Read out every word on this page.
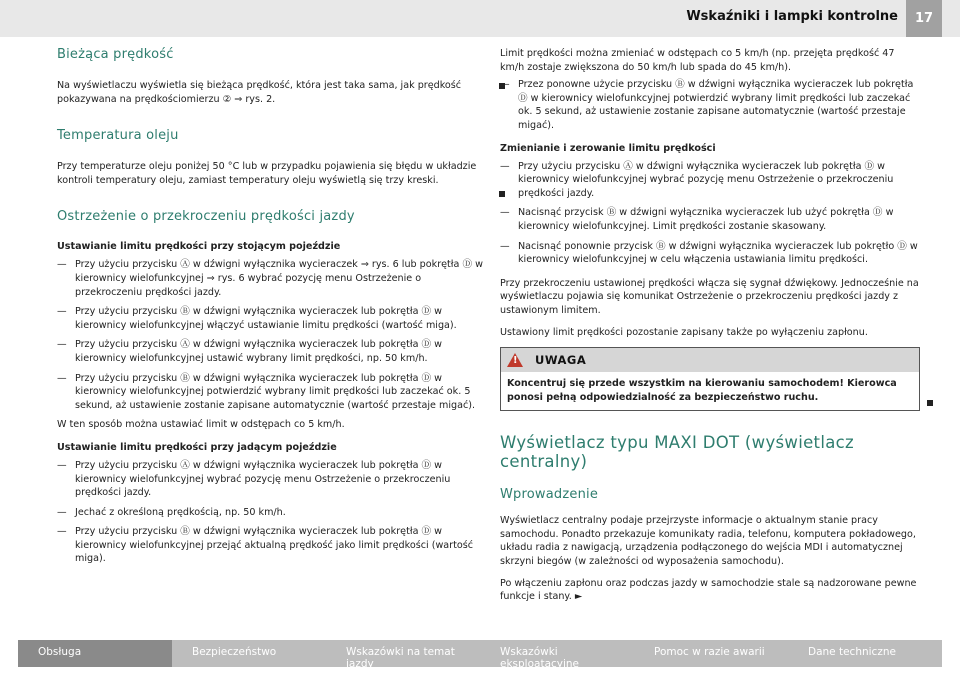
Wskaźniki i lampki kontrolne	17
Bieżąca prędkość

Na wyświetlaczu wyświetla się bieżąca prędkość, która jest taka sama, jak prędkość pokazywana na prędkościomierzu ② ⇒ rys. 2.

Temperatura oleju

Przy temperaturze oleju poniżej 50 °C lub w przypadku pojawienia się błędu w układzie kontroli temperatury oleju, zamiast temperatury oleju wyświetlą się trzy kreski.

Ostrzeżenie o przekroczeniu prędkości jazdy
Ustawianie limitu prędkości przy stojącym pojeździe
— Przy użyciu przycisku Ⓐ w dźwigni wyłącznika wycieraczek ⇒ rys. 6 lub pokrętła Ⓓ w kierownicy wielofunkcyjnej ⇒ rys. 6 wybrać pozycję menu Ostrzeżenie o przekroczeniu prędkości jazdy.
— Przy użyciu przycisku Ⓑ w dźwigni wyłącznika wycieraczek lub pokrętła Ⓓ w kierownicy wielofunkcyjnej włączyć ustawianie limitu prędkości (wartość miga).
— Przy użyciu przycisku Ⓐ w dźwigni wyłącznika wycieraczek lub pokrętła Ⓓ w kierownicy wielofunkcyjnej ustawić wybrany limit prędkości, np. 50 km/h.
— Przy użyciu przycisku Ⓑ w dźwigni wyłącznika wycieraczek lub pokrętła Ⓓ w kierownicy wielofunkcyjnej potwierdzić wybrany limit prędkości lub zaczekać ok. 5 sekund, aż ustawienie zostanie zapisane automatycznie (wartość przestaje migać).

W ten sposób można ustawiać limit w odstępach co 5 km/h.

Ustawianie limitu prędkości przy jadącym pojeździe
— Przy użyciu przycisku Ⓐ w dźwigni wyłącznika wycieraczek lub pokrętła Ⓓ w kierownicy wielofunkcyjnej wybrać pozycję menu Ostrzeżenie o przekroczeniu prędkości jazdy.
— Jechać z określoną prędkością, np. 50 km/h.
— Przy użyciu przycisku Ⓑ w dźwigni wyłącznika wycieraczek lub pokrętła Ⓓ w kierownicy wielofunkcyjnej przejąć aktualną prędkość jako limit prędkości (wartość miga).

Limit prędkości można zmieniać w odstępach co 5 km/h (np. przejęta prędkość 47 km/h zostaje zwiększona do 50 km/h lub spada do 45 km/h).

— Przez ponowne użycie przycisku Ⓑ w dźwigni wyłącznika wycieraczek lub pokrętła Ⓓ w kierownicy wielofunkcyjnej potwierdzić wybrany limit prędkości lub zaczekać ok. 5 sekund, aż ustawienie zostanie zapisane automatycznie (wartość przestaje migać).
Zmienianie i zerowanie limitu prędkości
— Przy użyciu przycisku Ⓐ w dźwigni wyłącznika wycieraczek lub pokrętła Ⓓ w kierownicy wielofunkcyjnej wybrać pozycję menu Ostrzeżenie o przekroczeniu prędkości jazdy.
— Nacisnąć przycisk Ⓑ w dźwigni wyłącznika wycieraczek lub użyć pokrętła Ⓓ w kierownicy wielofunkcyjnej. Limit prędkości zostanie skasowany.
— Nacisnąć ponownie przycisk Ⓑ w dźwigni wyłącznika wycieraczek lub pokrętło Ⓓ w kierownicy wielofunkcyjnej w celu włączenia ustawiania limitu prędkości.

Przy przekroczeniu ustawionej prędkości włącza się sygnał dźwiękowy. Jednocześnie na wyświetlaczu pojawia się komunikat Ostrzeżenie o przekroczeniu prędkości jazdy z ustawionym limitem.

Ustawiony limit prędkości pozostanie zapisany także po wyłączeniu zapłonu.

! UWAGA
Koncentruj się przede wszystkim na kierowaniu samochodem! Kierowca ponosi pełną odpowiedzialność za bezpieczeństwo ruchu.
Wyświetlacz typu MAXI DOT (wyświetlacz centralny)
Wprowadzenie

Wyświetlacz centralny podaje przejrzyste informacje o aktualnym stanie pracy samochodu. Ponadto przekazuje komunikaty radia, telefonu, komputera pokładowego, układu radia z nawigacją, urządzenia podłączonego do wejścia MDI i automatycznej skrzyni biegów (w zależności od wyposażenia samochodu).

Po włączeniu zapłonu oraz podczas jazdy w samochodzie stale są nadzorowane pewne funkcje i stany. ►

Obsługa	Bezpieczeństwo	Wskazówki na temat jazdy
Wskazówki eksploatacyjne
Pomoc w razie awarii	Dane techniczne
